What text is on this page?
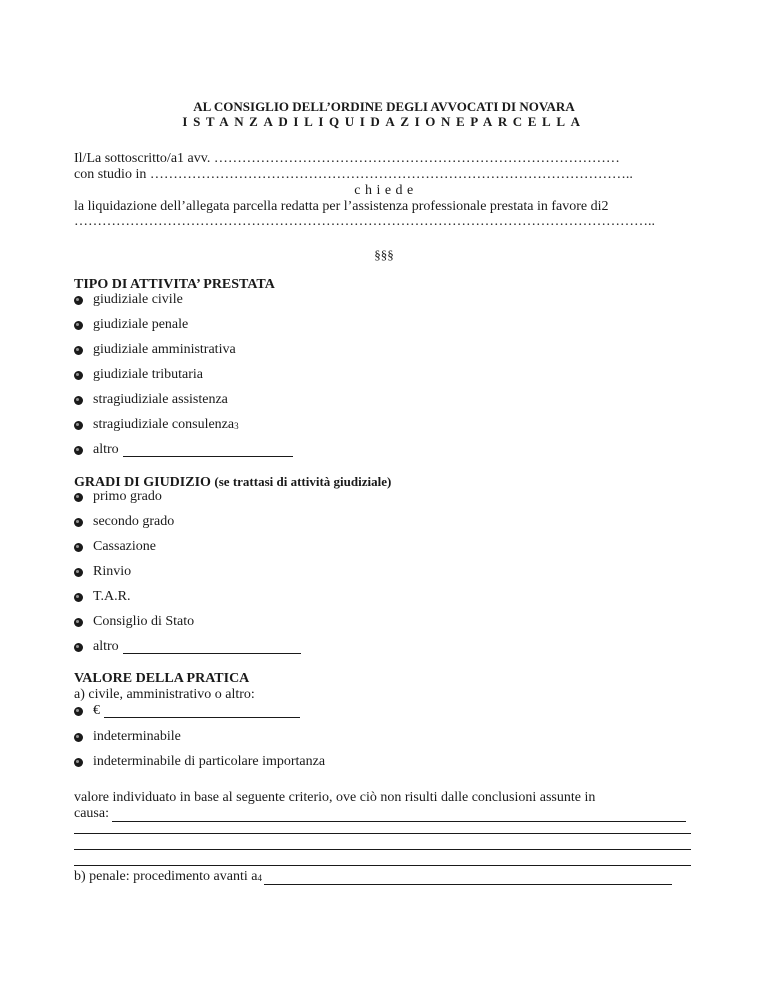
AL CONSIGLIO DELL’ORDINE DEGLI AVVOCATI DI NOVARA
ISTANZADILIQUIDAZIONEPARCELLA
Il/La sottoscritto/a1 avv. ……………………………………………………………………………
con studio in …………………………………………………………………………………………..
c h i e d e
la liquidazione dell’allegata parcella redatta per l’assistenza professionale prestata in favore di2
……………………………………………………………………………………………………………..
§§§
TIPO DI ATTIVITA’ PRESTATA
giudiziale civile
giudiziale penale
giudiziale amministrativa
giudiziale tributaria
stragiudiziale assistenza
stragiudiziale consulenza 3
altro
GRADI DI GIUDIZIO (se trattasi di attività giudiziale)
primo grado
secondo grado
Cassazione
Rinvio
T.A.R.
Consiglio di Stato
altro
VALORE DELLA PRATICA
a) civile, amministrativo o altro:
€
indeterminabile
indeterminabile di particolare importanza
valore individuato in base al seguente criterio, ove ciò non risulti dalle conclusioni assunte in
causa:
b) penale: procedimento avanti a 4
